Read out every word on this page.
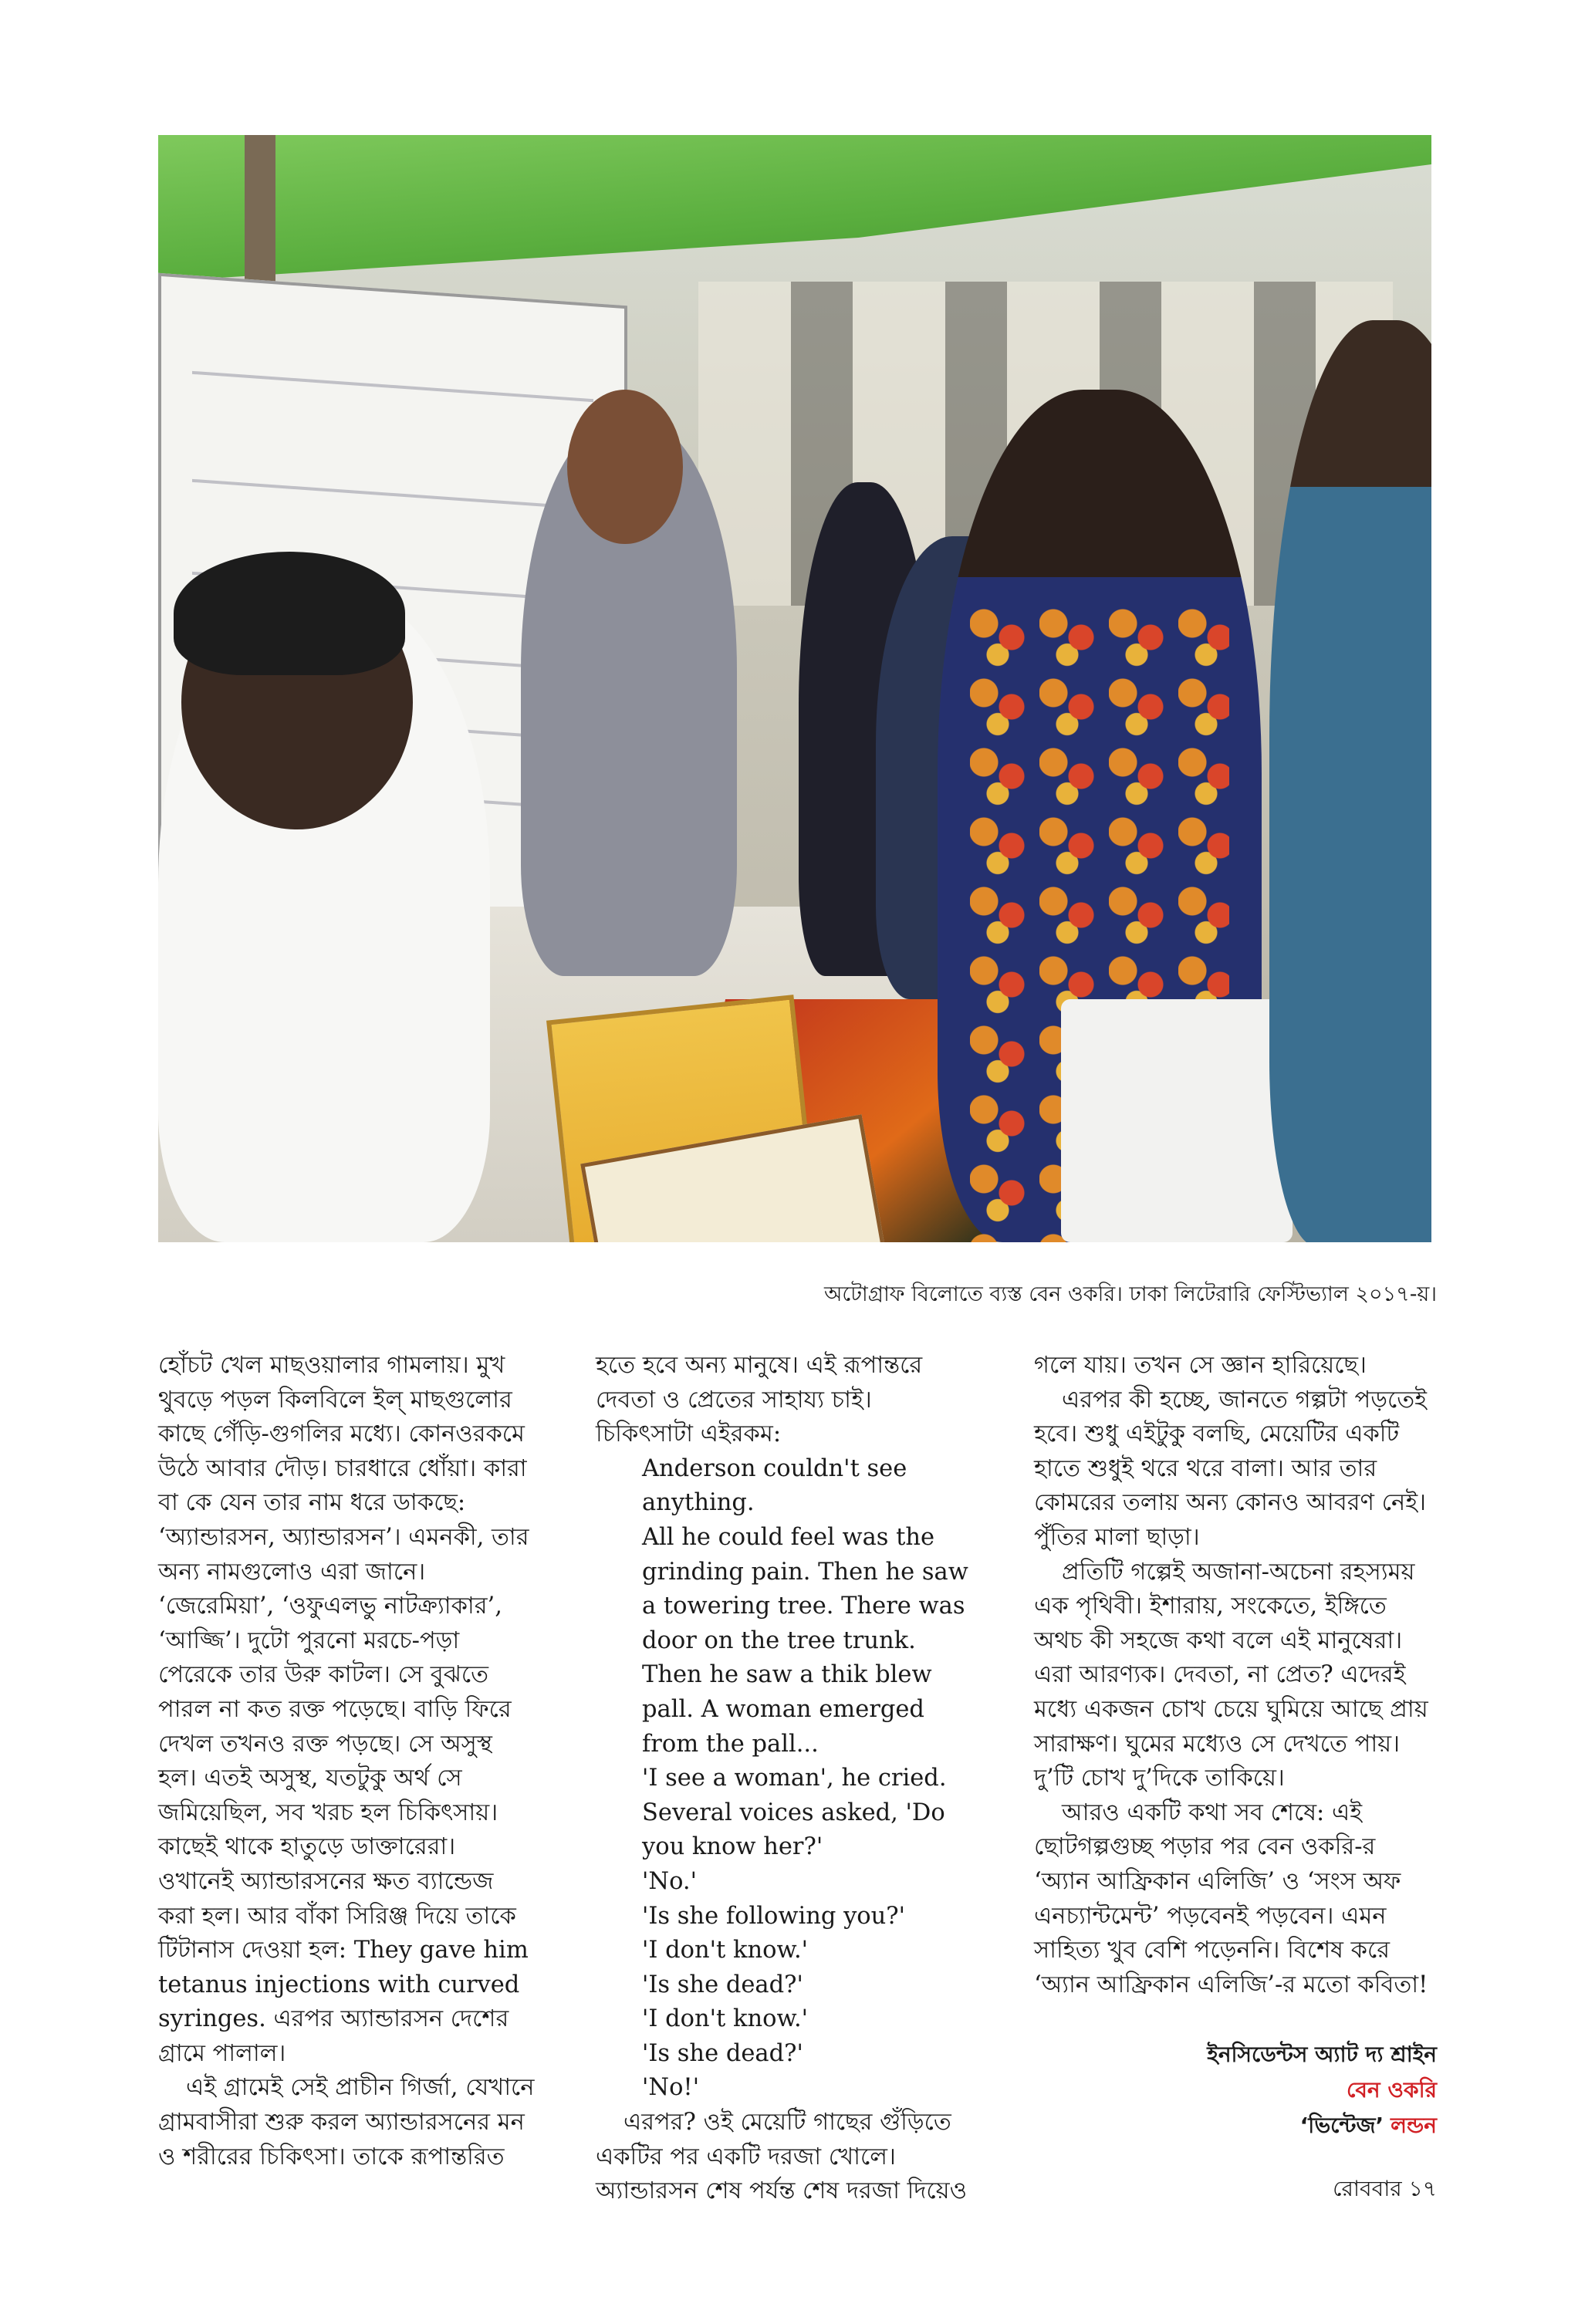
অটোগ্রাফ বিলোতে ব্যস্ত বেন ওকরি। ঢাকা লিটেরারি ফেস্টিভ্যাল ২০১৭-য়।

হোঁচট খেল মাছওয়ালার গামলায়। মুখ থুবড়ে পড়ল কিলবিলে ইল্ মাছগুলোর কাছে গেঁড়ি-গুগলির মধ্যে। কোনওরকমে উঠে আবার দৌড়। চারধারে ধোঁয়া। কারা বা কে যেন তার নাম ধরে ডাকছে: ‘অ্যান্ডারসন, অ্যান্ডারসন’। এমনকী, তার অন্য নামগুলোও এরা জানে। ‘জেরেমিয়া’, ‘ওফুএলভু নাটক্র্যাকার’, ‘আজ্জি’। দুটো পুরনো মরচে-পড়া পেরেকে তার উরু কাটল। সে বুঝতে পারল না কত রক্ত পড়েছে। বাড়ি ফিরে দেখল তখনও রক্ত পড়ছে। সে অসুস্থ হল। এতই অসুস্থ, যতটুকু অর্থ সে জমিয়েছিল, সব খরচ হল চিকিৎসায়। কাছেই থাকে হাতুড়ে ডাক্তারেরা। ওখানেই অ্যান্ডারসনের ক্ষত ব্যান্ডেজ করা হল। আর বাঁকা সিরিঞ্জ দিয়ে তাকে টিটানাস দেওয়া হল: They gave him tetanus injections with curved syringes. এরপর অ্যান্ডারসন দেশের গ্রামে পালাল।

এই গ্রামেই সেই প্রাচীন গির্জা, যেখানে গ্রামবাসীরা শুরু করল অ্যান্ডারসনের মন ও শরীরের চিকিৎসা। তাকে রূপান্তরিত

হতে হবে অন্য মানুষে। এই রূপান্তরে দেবতা ও প্রেতের সাহায্য চাই। চিকিৎসাটা এইরকম:

Anderson couldn't see anything.

All he could feel was the grinding pain. Then he saw a towering tree. There was door on the tree trunk. Then he saw a thik blew pall. A woman emerged from the pall...

'I see a woman', he cried.

Several voices asked, 'Do you know her?'

'No.'

'Is she following you?'

'I don't know.'

'Is she dead?'

'I don't know.'

'Is she dead?'

'No!'

এরপর? ওই মেয়েটি গাছের গুঁড়িতে একটির পর একটি দরজা খোলে। অ্যান্ডারসন শেষ পর্যন্ত শেষ দরজা দিয়েও

গলে যায়। তখন সে জ্ঞান হারিয়েছে।

এরপর কী হচ্ছে, জানতে গল্পটা পড়তেই হবে। শুধু এইটুকু বলছি, মেয়েটির একটি হাতে শুধুই থরে থরে বালা। আর তার কোমরের তলায় অন্য কোনও আবরণ নেই। পুঁতির মালা ছাড়া।

প্রতিটি গল্পেই অজানা-অচেনা রহস্যময় এক পৃথিবী। ইশারায়, সংকেতে, ইঙ্গিতে অথচ কী সহজে কথা বলে এই মানুষেরা। এরা আরণ্যক। দেবতা, না প্রেত? এদেরই মধ্যে একজন চোখ চেয়ে ঘুমিয়ে আছে প্রায় সারাক্ষণ। ঘুমের মধ্যেও সে দেখতে পায়। দু’টি চোখ দু’দিকে তাকিয়ে।

আরও একটি কথা সব শেষে: এই ছোটগল্পগুচ্ছ পড়ার পর বেন ওকরি-র ‘অ্যান আফ্রিকান এলিজি’ ও ‘সংস অফ এনচ্যান্টমেন্ট’ পড়বেনই পড়বেন। এমন সাহিত্য খুব বেশি পড়েননি। বিশেষ করে ‘অ্যান আফ্রিকান এলিজি’-র মতো কবিতা!

ইনসিডেন্টস অ্যাট দ্য শ্রাইন
বেন ওকরি
‘ভিন্টেজ’ লন্ডন
রোববার ১৭
